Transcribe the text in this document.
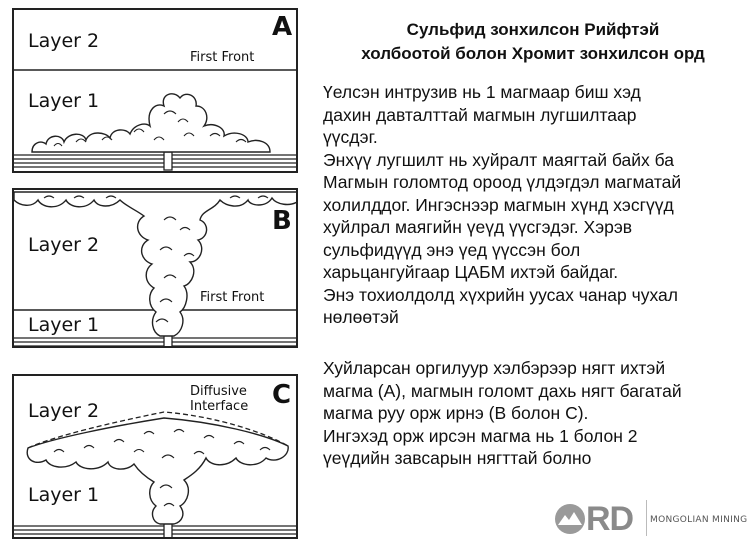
Layer 2
Layer 1
First Front
A
Layer 2
Layer 1
First Front
B
Layer 2
Layer 1
Diffusive
Interface C
Сульфид зонхилсон Рийфтэй
холбоотой болон Хромит зонхилсон орд
Үелсэн интрузив нь 1 магмаар биш хэд
дахин давталттай магмын лугшилтаар
үүсдэг.
Энхүү лугшилт нь хуйралт маягтай байх ба
Магмын голомтод ороод үлдэгдэл магматай
холилддог. Ингэснээр магмын хүнд хэсгүүд
хуйлрал маягийн үеүд үүсгэдэг. Хэрэв
сульфидүүд энэ үед үүссэн бол
харьцангуйгаар ЦАБМ ихтэй байдаг.
Энэ тохиолдолд хүхрийн уусах чанар чухал
нөлөөтэй
Хуйларсан оргилуур хэлбэрээр нягт ихтэй
магма (А), магмын голомт дахь нягт багатай
магма руу орж ирнэ (В болон С).
Ингэхэд орж ирсэн магма нь 1 болон 2
үеүдийн завсарын нягттай болно
RD MONGOLIAN MINING
